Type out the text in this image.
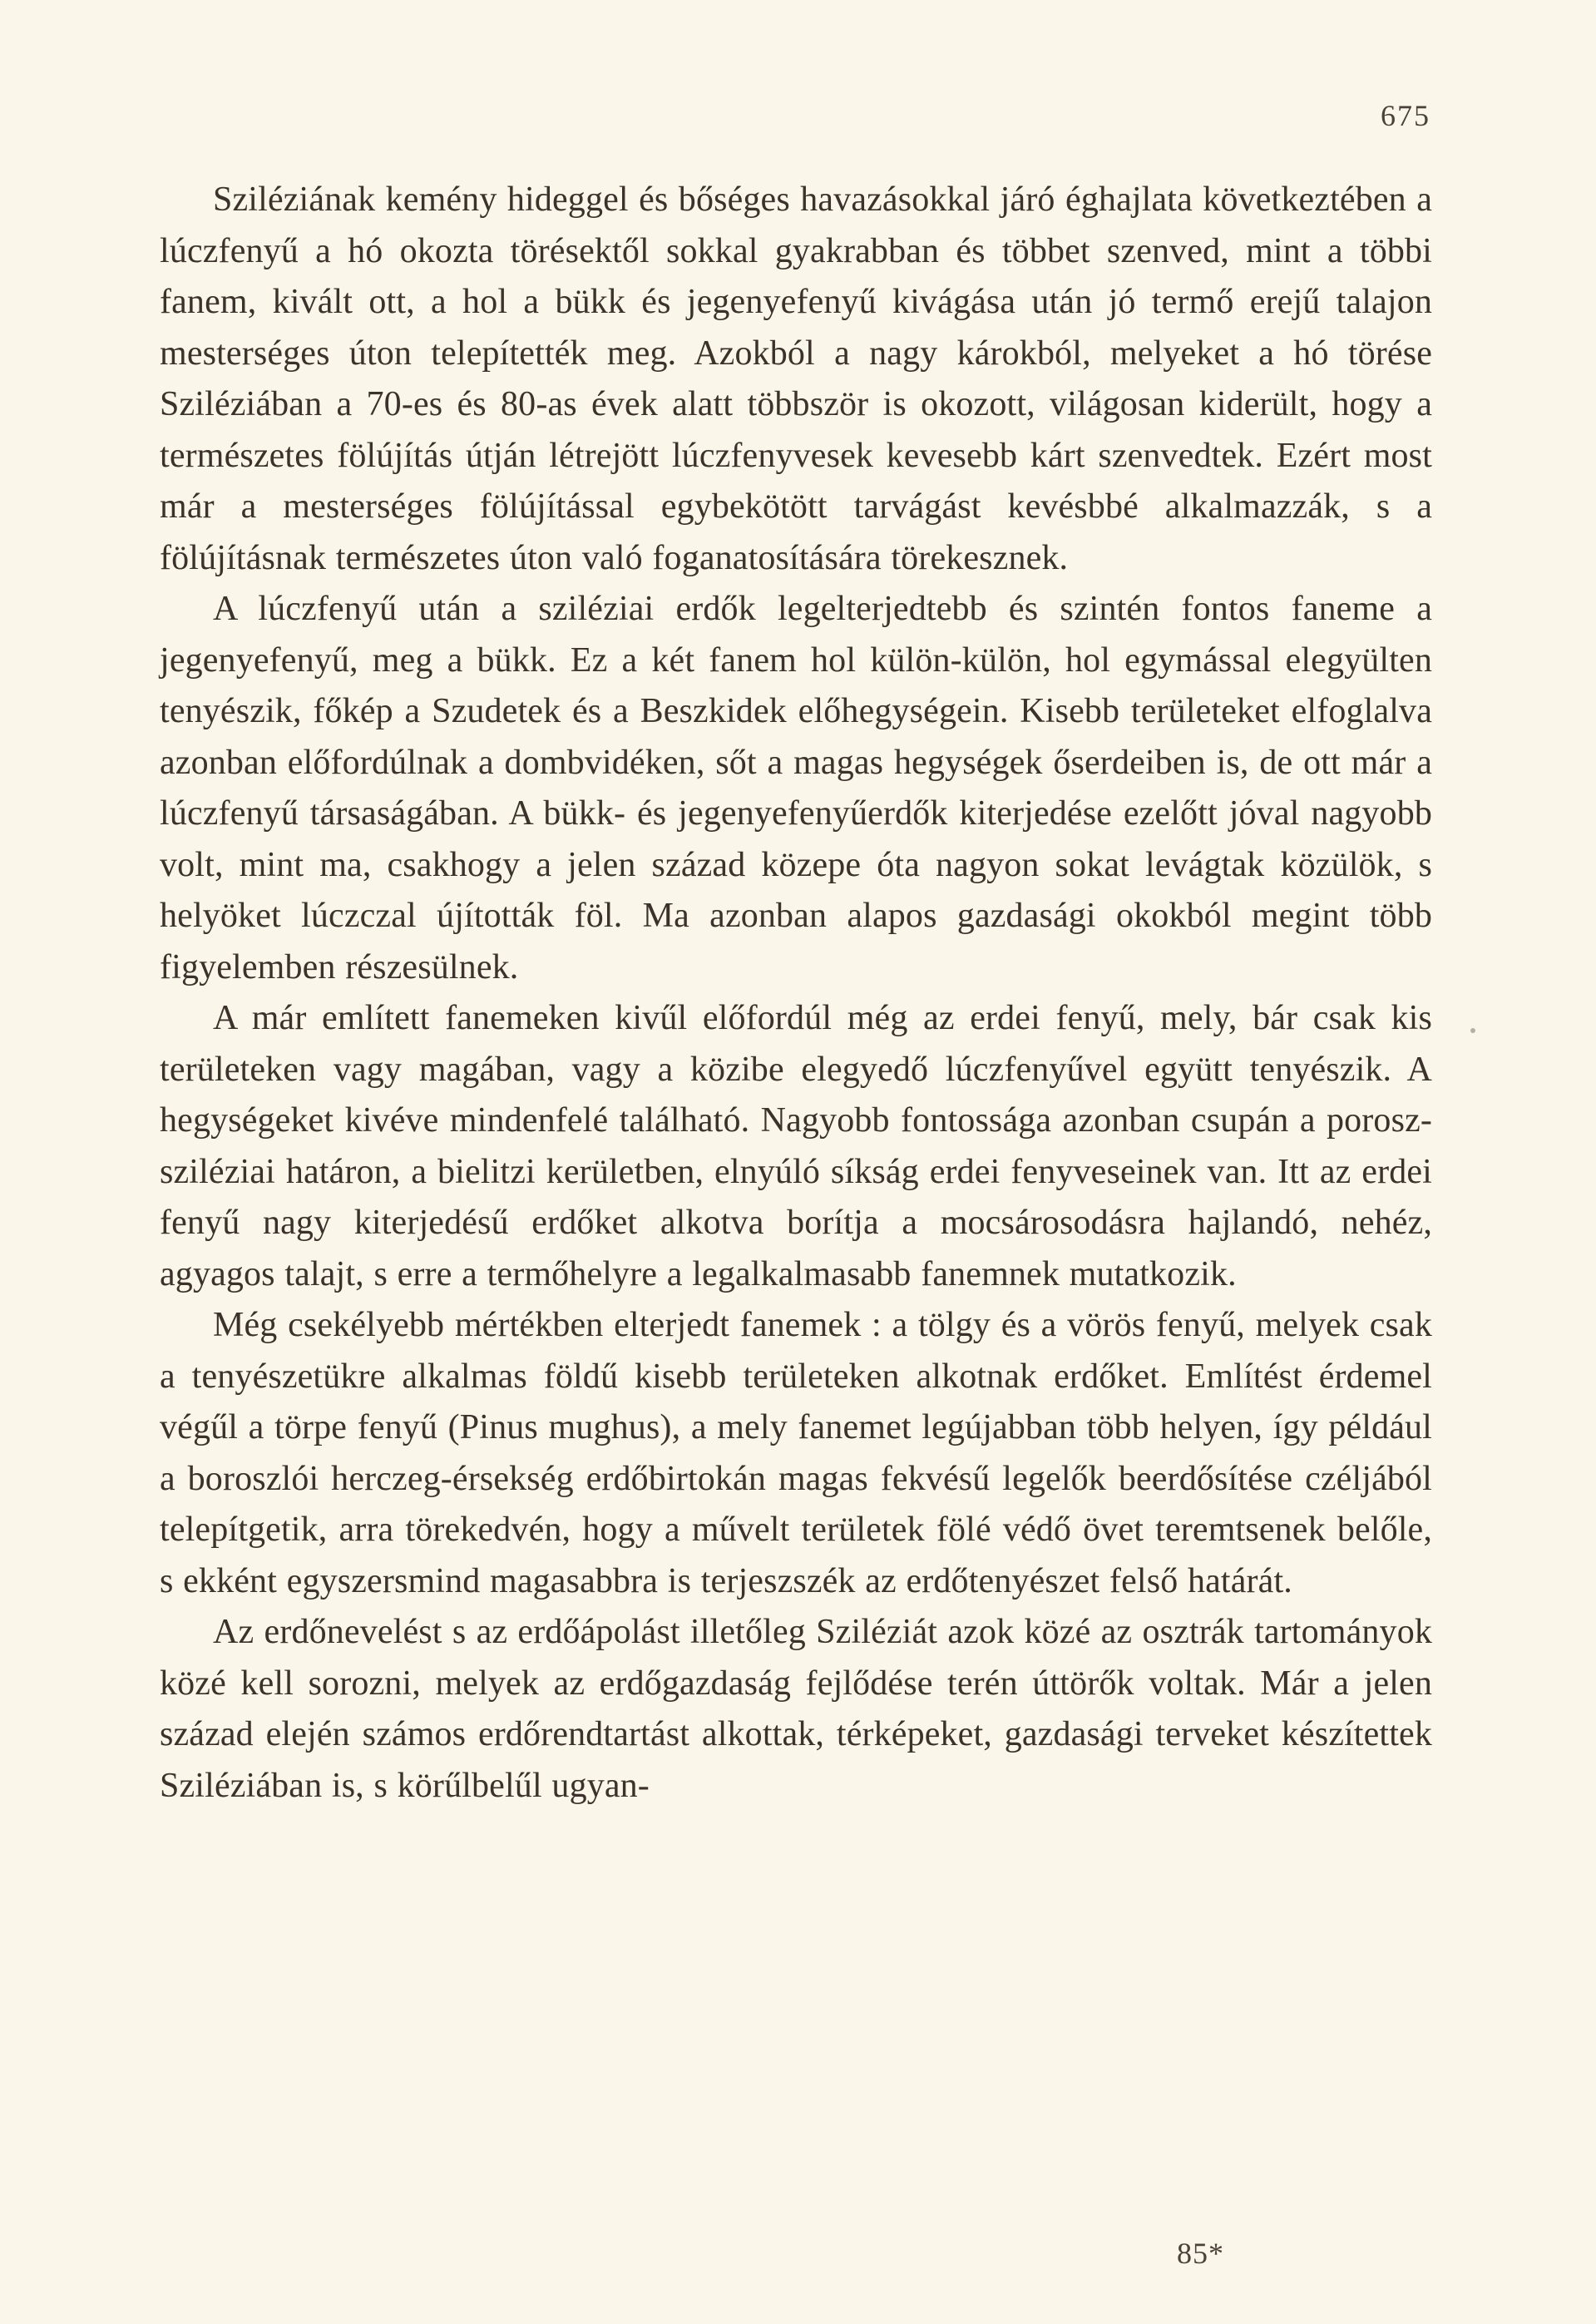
675

Sziléziának kemény hideggel és bőséges havazásokkal járó éghajlata következtében a lúczfenyű a hó okozta törésektől sokkal gyakrabban és többet szenved, mint a többi fanem, kivált ott, a hol a bükk és jegenyefenyű kivágása után jó termő erejű talajon mesterséges úton telepítették meg. Azokból a nagy károkból, melyeket a hó törése Sziléziában a 70-es és 80-as évek alatt többször is okozott, világosan kiderült, hogy a természetes fölújítás útján létrejött lúczfenyvesek kevesebb kárt szenvedtek. Ezért most már a mesterséges fölújítással egybekötött tarvágást kevésbbé alkalmazzák, s a fölújításnak természetes úton való foganatosítására törekesznek.

A lúczfenyű után a sziléziai erdők legelterjedtebb és szintén fontos faneme a jegenyefenyű, meg a bükk. Ez a két fanem hol külön-külön, hol egymással elegyülten tenyészik, főkép a Szudetek és a Beszkidek előhegységein. Kisebb területeket elfoglalva azonban előfordúlnak a dombvidéken, sőt a magas hegységek őserdeiben is, de ott már a lúczfenyű társaságában. A bükk- és jegenyefenyűerdők kiterjedése ezelőtt jóval nagyobb volt, mint ma, csakhogy a jelen század közepe óta nagyon sokat levágtak közülök, s helyöket lúczczal újították föl. Ma azonban alapos gazdasági okokból megint több figyelemben részesülnek.

A már említett fanemeken kivűl előfordúl még az erdei fenyű, mely, bár csak kis területeken vagy magában, vagy a közibe elegyedő lúczfenyűvel együtt tenyészik. A hegységeket kivéve mindenfelé található. Nagyobb fontossága azonban csupán a porosz-sziléziai határon, a bielitzi kerületben, elnyúló síkság erdei fenyveseinek van. Itt az erdei fenyű nagy kiterjedésű erdőket alkotva borítja a mocsárosodásra hajlandó, nehéz, agyagos talajt, s erre a termőhelyre a legalkalmasabb fanemnek mutatkozik.

Még csekélyebb mértékben elterjedt fanemek : a tölgy és a vörös fenyű, melyek csak a tenyészetükre alkalmas földű kisebb területeken alkotnak erdőket. Említést érdemel végűl a törpe fenyű (Pinus mughus), a mely fanemet legújabban több helyen, így például a boroszlói herczeg-érsekség erdőbirtokán magas fekvésű legelők beerdősítése czéljából telepítgetik, arra törekedvén, hogy a művelt területek fölé védő övet teremtsenek belőle, s ekként egyszersmind magasabbra is terjeszszék az erdőtenyészet felső határát.

Az erdőnevelést s az erdőápolást illetőleg Sziléziát azok közé az osztrák tartományok közé kell sorozni, melyek az erdőgazdaság fejlődése terén úttörők voltak. Már a jelen század elején számos erdőrendtartást alkottak, térképeket, gazdasági terveket készítettek Sziléziában is, s körűlbelűl ugyan-

85*
